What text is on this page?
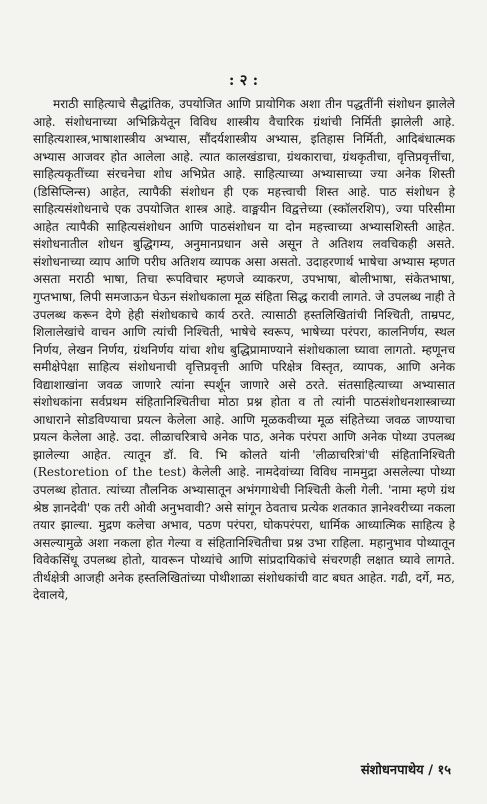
: २ :

मराठी साहित्याचे सैद्धांतिक, उपयोजित आणि प्रायोगिक अशा तीन पद्धतींनी संशोधन झालेले आहे. संशोधनाच्या अभिक्रियेतून विविध शास्त्रीय वैचारिक ग्रंथांची निर्मिती झालेली आहे. साहित्यशास्त्र,भाषाशास्त्रीय अभ्यास, सौंदर्यशास्त्रीय अभ्यास, इतिहास निर्मिती, आदिबंधात्मक अभ्यास आजवर होत आलेला आहे. त्यात कालखंडाचा, ग्रंथकाराचा, ग्रंथकृतीचा, वृत्तिप्रवृत्तींचा, साहित्यकृतींच्या संरचनेचा शोध अभिप्रेत आहे. साहित्याच्या अभ्यासाच्या ज्या अनेक शिस्ती (डिसिप्लिन्स) आहेत, त्यापैकी संशोधन ही एक महत्त्वाची शिस्त आहे. पाठ संशोधन हे साहित्यसंशोधनाचे एक उपयोजित शास्त्र आहे. वाङ्मयीन विद्वत्तेच्या (स्कॉलरशिप), ज्या परिसीमा आहेत त्यापैकी साहित्यसंशोधन आणि पाठसंशोधन या दोन महत्त्वाच्या अभ्यासशिस्ती आहेत. संशोधनातील शोधन बुद्धिगम्य, अनुमानप्रधान असे असून ते अतिशय लवचिकही असते. संशोधनाच्या व्याप आणि परीघ अतिशय व्यापक असा असतो. उदाहरणार्थ भाषेचा अभ्यास म्हणत असता मराठी भाषा, तिचा रूपविचार म्हणजे व्याकरण, उपभाषा, बोलीभाषा, संकेतभाषा, गुप्तभाषा, लिपी समजाऊन घेऊन संशोधकाला मूळ संहिता सिद्ध करावी लागते. जे उपलब्ध नाही ते उपलब्ध करून देणे हेही संशोधकाचे कार्य ठरते. त्यासाठी हस्तलिखितांची निश्चिती, ताम्रपट, शिलालेखांचे वाचन आणि त्यांची निश्चिती, भाषेचे स्वरूप, भाषेच्या परंपरा, कालनिर्णय, स्थल निर्णय, लेखन निर्णय, ग्रंथनिर्णय यांचा शोध बुद्धिप्रामाण्याने संशोधकाला घ्यावा लागतो. म्हणूनच समीक्षेपेक्षा साहित्य संशोधनाची वृत्तिप्रवृत्ती आणि परिक्षेत्र विस्तृत, व्यापक, आणि अनेक विद्याशाखांना जवळ जाणारे त्यांना स्पर्शून जाणारे असे ठरते. संतसाहित्याच्या अभ्यासात संशोधकांना सर्वप्रथम संहितानिश्चितीचा मोठा प्रश्न होता व तो त्यांनी पाठसंशोधनशास्त्राच्या आधाराने सोडविण्याचा प्रयत्न केलेला आहे. आणि मूळकवीच्या मूळ संहितेच्या जवळ जाण्याचा प्रयत्न केलेला आहे. उदा. लीळाचरित्राचे अनेक पाठ, अनेक परंपरा आणि अनेक पोथ्या उपलब्ध झालेल्या आहेत. त्यातून डॉ. वि. भि कोलते यांनी 'लीळाचरित्रां'ची संहितानिश्चिती (Restoretion of the test) केलेली आहे. नामदेवांच्या विविध नाममुद्रा असलेल्या पोथ्या उपलब्ध होतात. त्यांच्या तौलनिक अभ्यासातून अभंगगाथेची निश्चिती केली गेली. 'नामा म्हणे ग्रंथ श्रेष्ठ ज्ञानदेवी' एक तरी ओवी अनुभवावी? असे सांगून ठेवताच प्रत्येक शतकात ज्ञानेश्वरीच्या नकला तयार झाल्या. मुद्रण कलेचा अभाव, पठण परंपरा, घोकपरंपरा, धार्मिक आध्यात्मिक साहित्य हे असल्यामुळे अशा नकला होत गेल्या व संहितानिश्चितीचा प्रश्न उभा राहिला. महानुभाव पोथ्यातून विवेकसिंधू उपलब्ध होतो, यावरून पोथ्यांचे आणि सांप्रदायिकांचे संचरणही लक्षात घ्यावे लागते. तीर्थक्षेत्री आजही अनेक हस्तलिखितांच्या पोथीशाळा संशोधकांची वाट बघत आहेत. गढी, दर्गे, मठ, देवालये,

संशोधनपाथेय / १५
